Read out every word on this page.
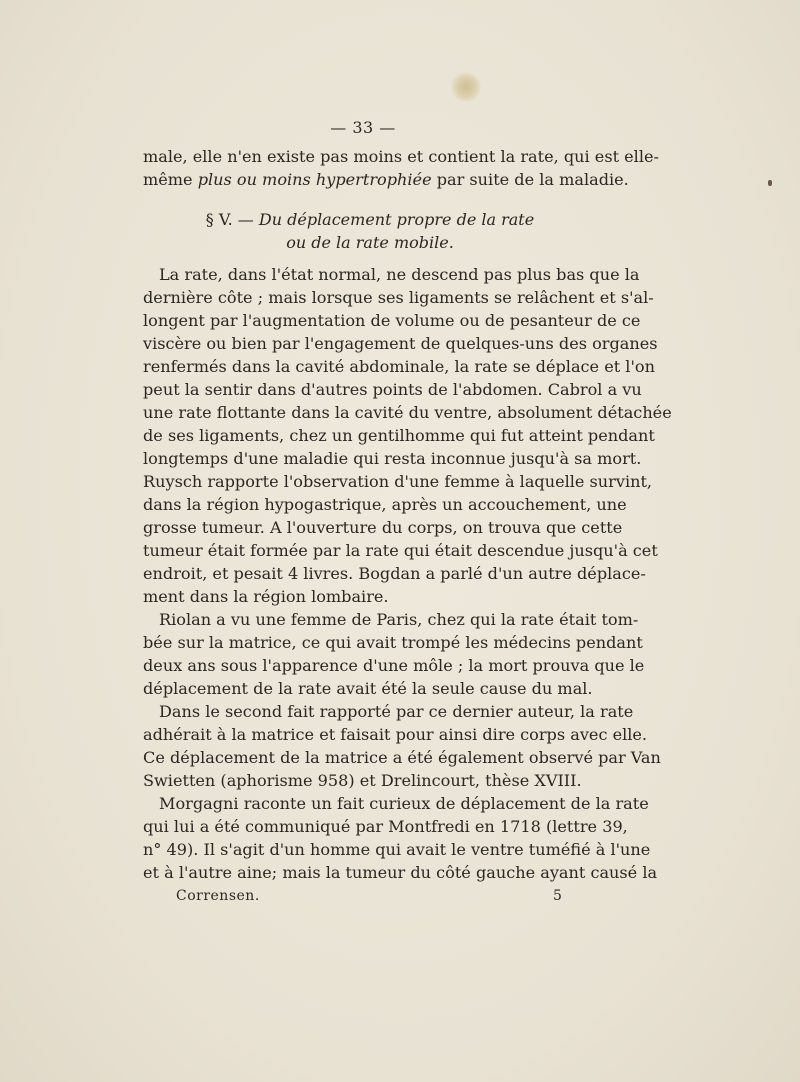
— 33 —
male, elle n'en existe pas moins et contient la rate, qui est elle-
même plus ou moins hypertrophiée par suite de la maladie.
§ V. — Du déplacement propre de la rate
ou de la rate mobile.
La rate, dans l'état normal, ne descend pas plus bas que la
dernière côte ; mais lorsque ses ligaments se relâchent et s'al-
longent par l'augmentation de volume ou de pesanteur de ce
viscère ou bien par l'engagement de quelques-uns des organes
renfermés dans la cavité abdominale, la rate se déplace et l'on
peut la sentir dans d'autres points de l'abdomen. Cabrol a vu
une rate flottante dans la cavité du ventre, absolument détachée
de ses ligaments, chez un gentilhomme qui fut atteint pendant
longtemps d'une maladie qui resta inconnue jusqu'à sa mort.
Ruysch rapporte l'observation d'une femme à laquelle survint,
dans la région hypogastrique, après un accouchement, une
grosse tumeur. A l'ouverture du corps, on trouva que cette
tumeur était formée par la rate qui était descendue jusqu'à cet
endroit, et pesait 4 livres. Bogdan a parlé d'un autre déplace-
ment dans la région lombaire.
Riolan a vu une femme de Paris, chez qui la rate était tom-
bée sur la matrice, ce qui avait trompé les médecins pendant
deux ans sous l'apparence d'une môle ; la mort prouva que le
déplacement de la rate avait été la seule cause du mal.
Dans le second fait rapporté par ce dernier auteur, la rate
adhérait à la matrice et faisait pour ainsi dire corps avec elle.
Ce déplacement de la matrice a été également observé par Van
Swietten (aphorisme 958) et Drelincourt, thèse XVIII.
Morgagni raconte un fait curieux de déplacement de la rate
qui lui a été communiqué par Montfredi en 1718 (lettre 39,
n° 49). Il s'agit d'un homme qui avait le ventre tuméfié à l'une
et à l'autre aine; mais la tumeur du côté gauche ayant causé la
Corrensen.	5
